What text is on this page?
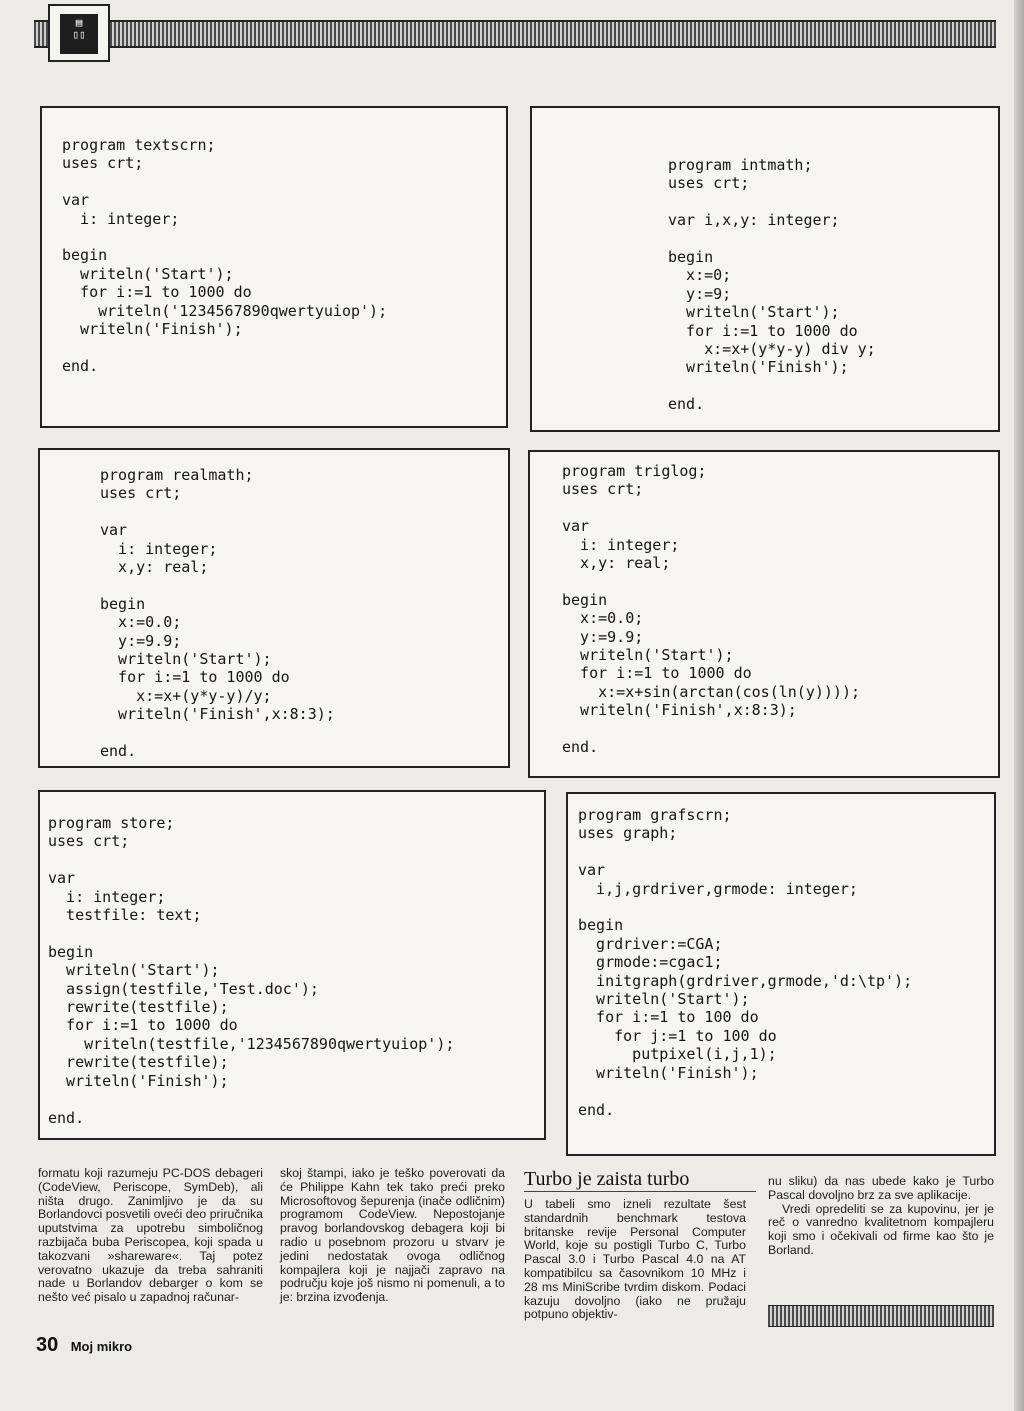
▤
▯▯
program textscrn;
uses crt;

var
i: integer;

begin
writeln('Start');
for i:=1 to 1000 do
writeln('1234567890qwertyuiop');
writeln('Finish');

end.
program intmath;
uses crt;

var i,x,y: integer;

begin
x:=0;
y:=9;
writeln('Start');
for i:=1 to 1000 do
x:=x+(y*y-y) div y;
writeln('Finish');

end.
program realmath;
uses crt;

var
i: integer;
x,y: real;

begin
x:=0.0;
y:=9.9;
writeln('Start');
for i:=1 to 1000 do
x:=x+(y*y-y)/y;
writeln('Finish',x:8:3);

end.
program triglog;
uses crt;

var
i: integer;
x,y: real;

begin
x:=0.0;
y:=9.9;
writeln('Start');
for i:=1 to 1000 do
x:=x+sin(arctan(cos(ln(y))));
writeln('Finish',x:8:3);

end.
program store;
uses crt;

var
i: integer;
testfile: text;

begin
writeln('Start');
assign(testfile,'Test.doc');
rewrite(testfile);
for i:=1 to 1000 do
writeln(testfile,'1234567890qwertyuiop');
rewrite(testfile);
writeln('Finish');

end.
program grafscrn;
uses graph;

var
i,j,grdriver,grmode: integer;

begin
grdriver:=CGA;
grmode:=cgac1;
initgraph(grdriver,grmode,'d:\tp');
writeln('Start');
for i:=1 to 100 do
for j:=1 to 100 do
putpixel(i,j,1);
writeln('Finish');

end.

formatu koji razumeju PC-DOS debageri (CodeView, Periscope, SymDeb), ali ništa drugo. Zanimljivo je da su Borlandovci posvetili oveći deo priručnika uputstvima za upotrebu simboličnog razbijača buba Periscopea, koji spada u takozvani »shareware«. Taj potez verovatno ukazuje da treba sahraniti nade u Borlandov debarger o kom se nešto već pisalo u zapadnoj računar-

skoj štampi, iako je teško poverovati da će Philippe Kahn tek tako preći preko Microsoftovog šepurenja (inače odličnim) programom CodeView. Nepostojanje pravog borlandovskog debagera koji bi radio u posebnom prozoru u stvarv je jedini nedostatak ovoga odličnog kompajlera koji je najjači zapravo na području koje još nismo ni pomenuli, a to je: brzina izvođenja.

Turbo je zaista turbo

U tabeli smo izneli rezultate šest standardnih benchmark testova britanske revije Personal Computer World, koje su postigli Turbo C, Turbo Pascal 3.0 i Turbo Pascal 4.0 na AT kompatibilcu sa časovnikom 10 MHz i 28 ms MiniScribe tvrdim diskom. Podaci kazuju dovoljno (iako ne pružaju potpuno objektiv-

nu sliku) da nas ubede kako je Turbo Pascal dovoljno brz za sve aplikacije.

Vredi opredeliti se za kupovinu, jer je reč o vanredno kvalitetnom kompajleru koji smo i očekivali od firme kao što je Borland.

30 Moj mikro
